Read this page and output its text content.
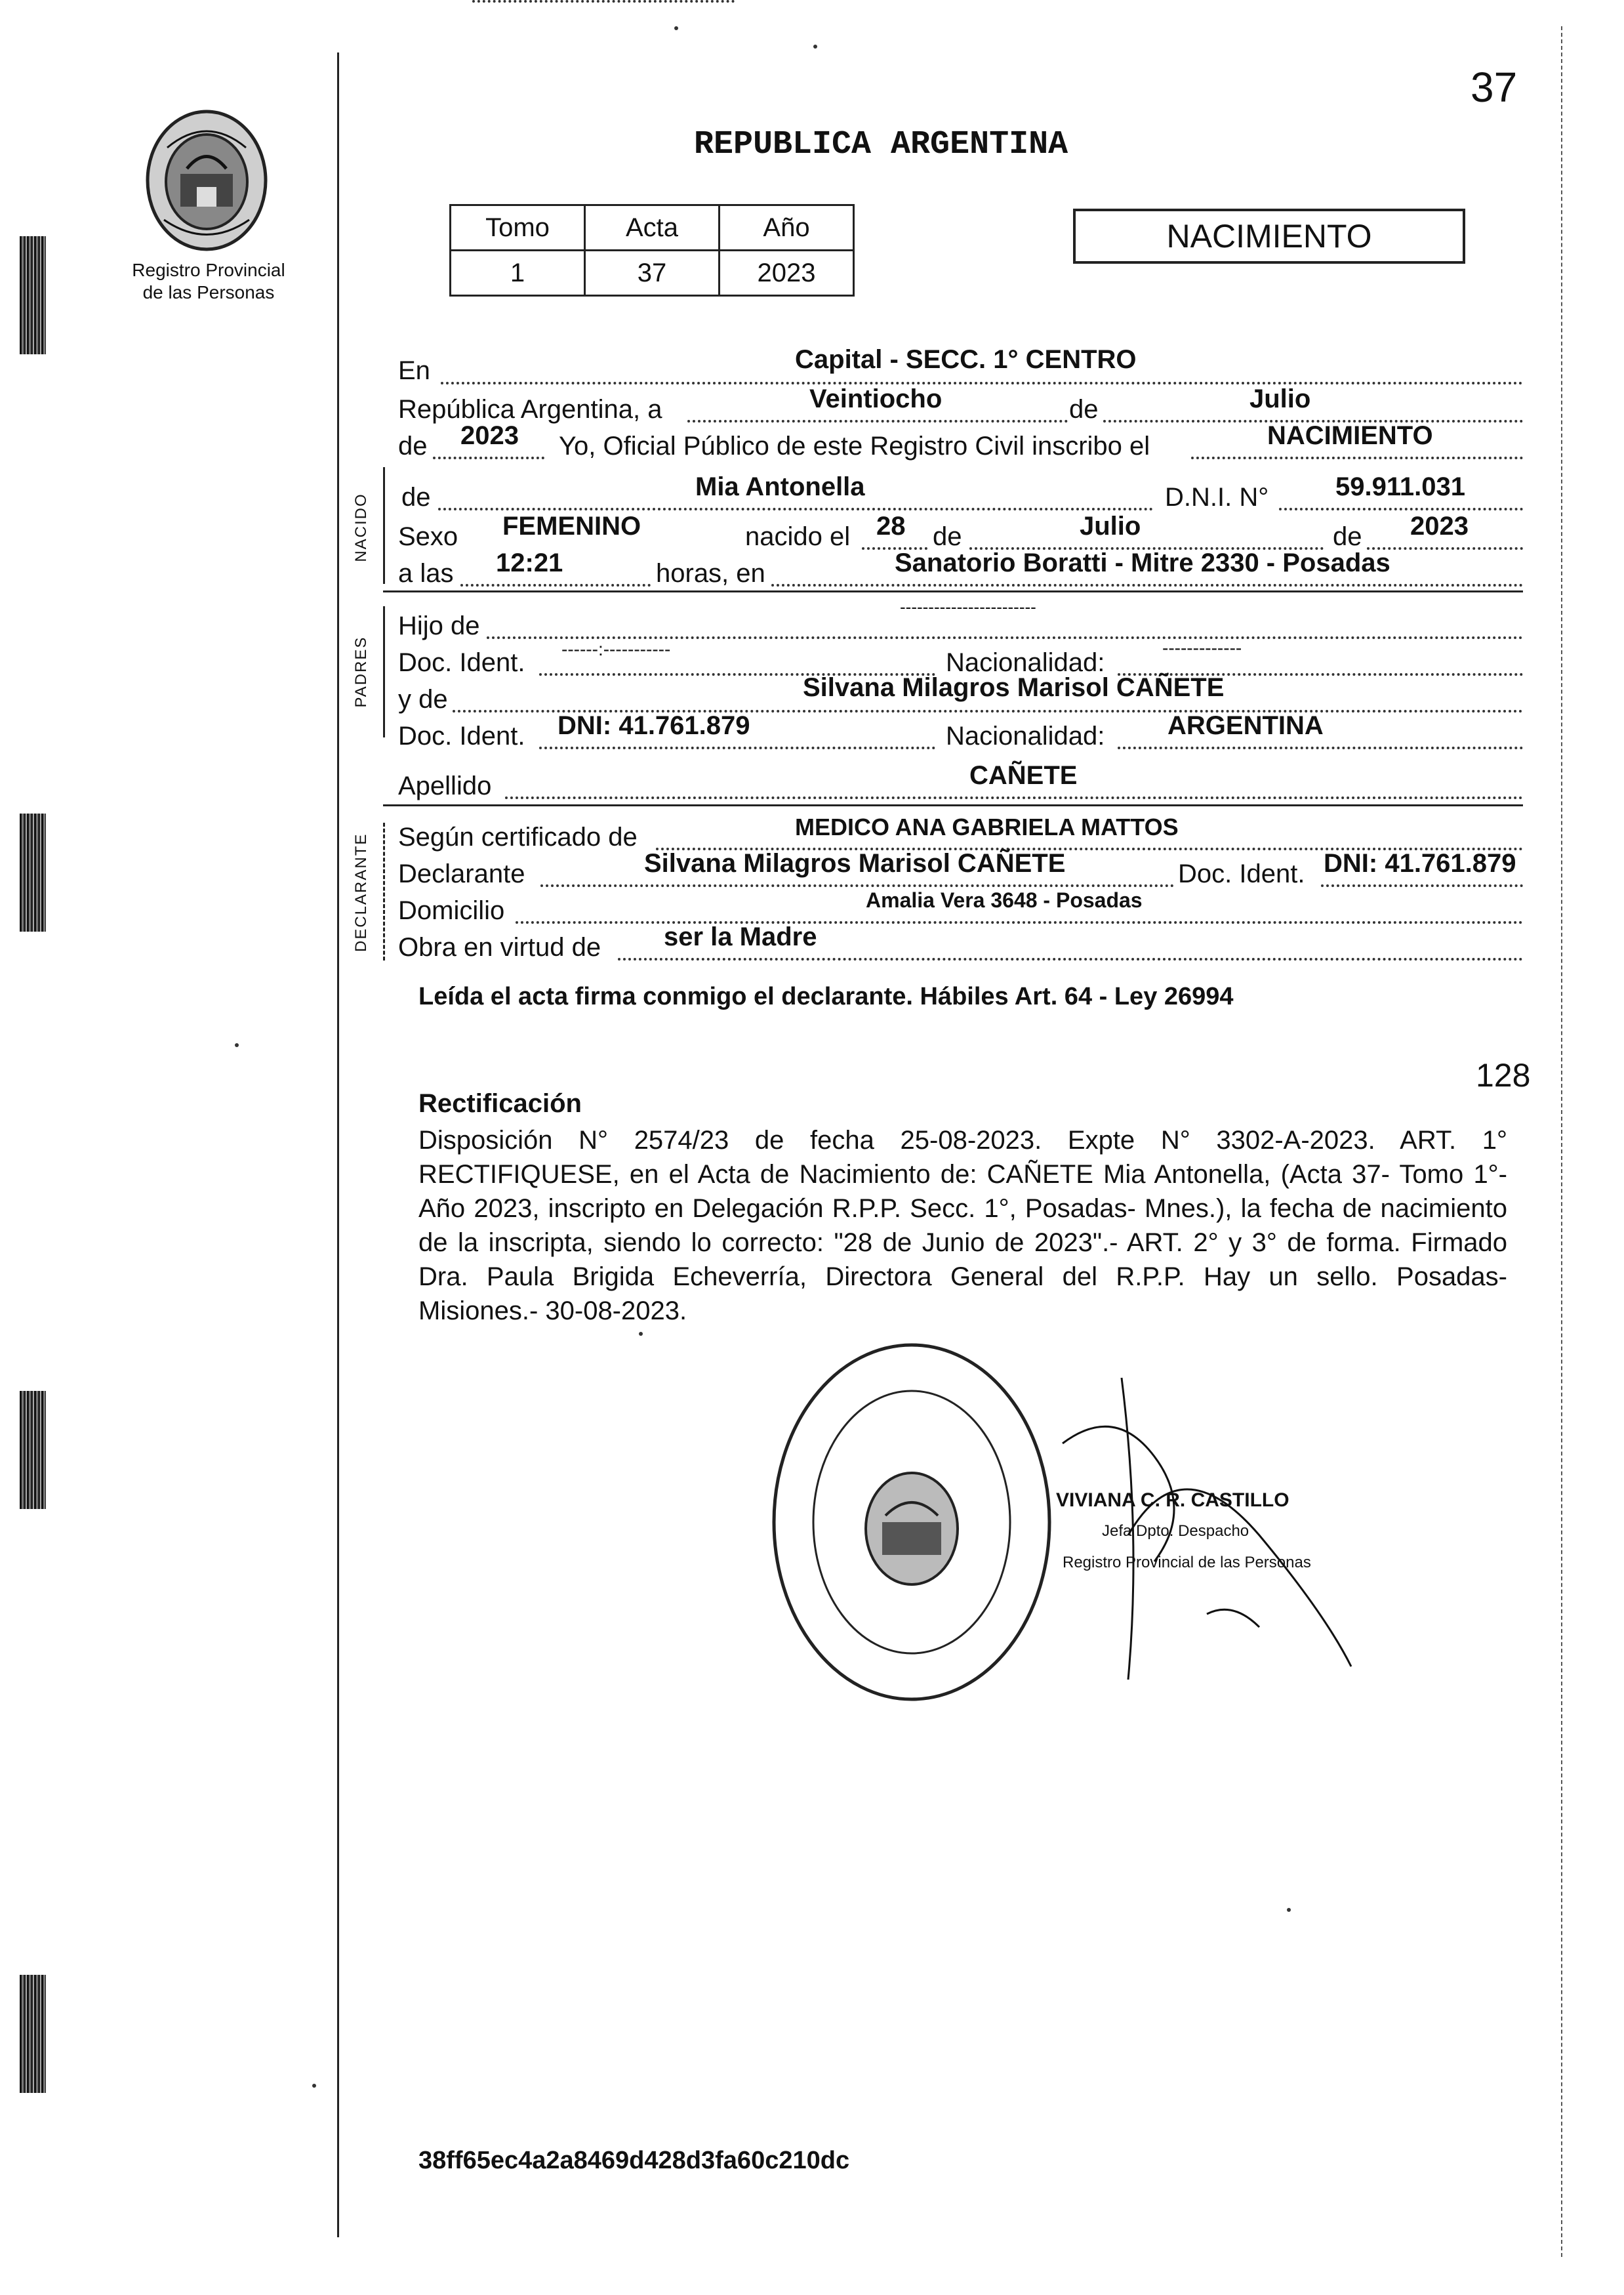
37
Registro Provincial
de las Personas
REPUBLICA ARGENTINA
Tomo	Acta	Año
1	37	2023
NACIMIENTO
En	Capital - SECC. 1° CENTRO
República Argentina, a	Veintiocho	de	Julio
de 2023 Yo, Oficial Público de este Registro Civil inscribo el	NACIMIENTO
NACIDO de	Mia Antonella	D.N.I. N°	59.911.031
Sexo FEMENINO	nacido el 28 de	Julio	de 2023
a las 12:21	horas, en	Sanatorio Boratti - Mitre 2330 - Posadas
PADRES
Hijo de
------------------------
Doc. Ident. ------:-----------	Nacionalidad:
-------------
y de	Silvana Milagros Marisol CAÑETE
Doc. Ident. DNI: 41.761.879	Nacionalidad: ARGENTINA
Apellido	CAÑETE
DECLARANTE Según certificado de	MEDICO ANA GABRIELA MATTOS
Declarante	Silvana Milagros Marisol CAÑETE	Doc. Ident. DNI: 41.761.879
Domicilio	Amalia Vera 3648 - Posadas
Obra en virtud de ser la Madre
Leída el acta firma conmigo el declarante. Hábiles Art. 64 - Ley 26994
128
Rectificación
Disposición N° 2574/23 de fecha 25-08-2023. Expte N° 3302-A-2023. ART. 1° RECTIFIQUESE, en el Acta de Nacimiento de: CAÑETE Mia Antonella, (Acta 37- Tomo 1°- Año 2023, inscripto en Delegación R.P.P. Secc. 1°, Posadas- Mnes.), la fecha de nacimiento de la inscripta, siendo lo correcto: "28 de Junio de 2023".- ART. 2° y 3° de forma. Firmado Dra. Paula Brigida Echeverría, Directora General del R.P.P. Hay un sello. Posadas- Misiones.- 30-08-2023.
VIVIANA C. R. CASTILLO
Jefa Dpto. Despacho
Registro Provincial de las Personas
38ff65ec4a2a8469d428d3fa60c210dc
